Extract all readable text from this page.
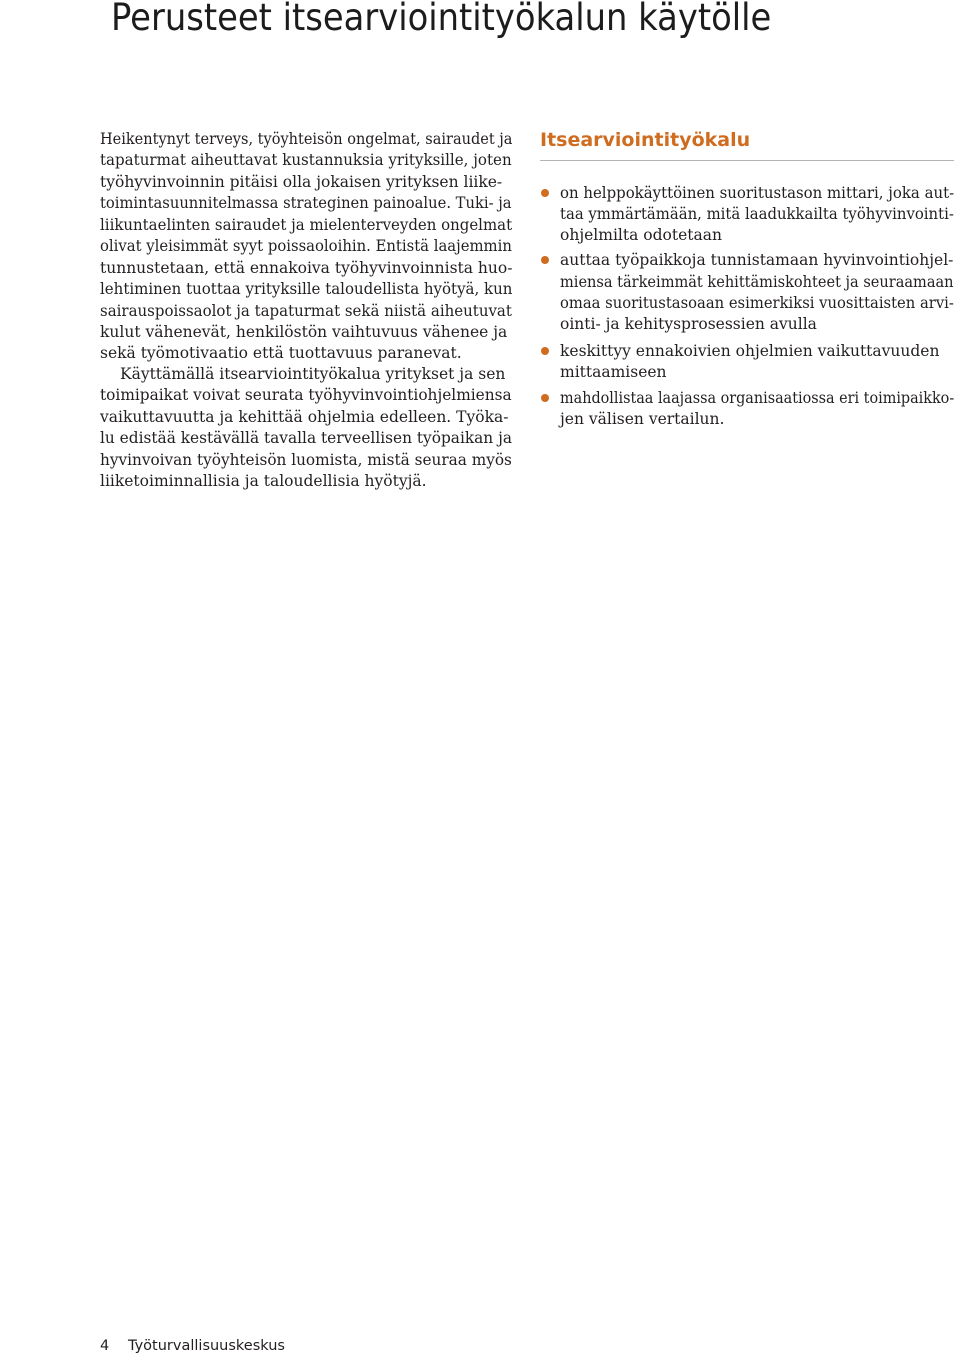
Perusteet itsearviointityökalun käytölle
Heikentynyt terveys, työyhteisön ongelmat, sairaudet ja
tapaturmat aiheuttavat kustannuksia yrityksille, joten
työhyvinvoinnin pitäisi olla jokaisen yrityksen liike-
toimintasuunnitelmassa strateginen painoalue. Tuki- ja
liikuntaelinten sairaudet ja mielenterveyden ongelmat
olivat yleisimmät syyt poissaoloihin. Entistä laajemmin
tunnustetaan, että ennakoiva työhyvinvoinnista huo-
lehtiminen tuottaa yrityksille taloudellista hyötyä, kun
sairauspoissaolot ja tapaturmat sekä niistä aiheutuvat
kulut vähenevät, henkilöstön vaihtuvuus vähenee ja
sekä työmotivaatio että tuottavuus paranevat.
Käyttämällä itsearviointityökalua yritykset ja sen
toimipaikat voivat seurata työhyvinvointiohjelmiensa
vaikuttavuutta ja kehittää ohjelmia edelleen. Työka-
lu edistää kestävällä tavalla terveellisen työpaikan ja
hyvinvoivan työyhteisön luomista, mistä seuraa myös
liiketoiminnallisia ja taloudellisia hyötyjä.
Itsearviointityökalu
on helppokäyttöinen suoritustason mittari, joka aut-
taa ymmärtämään, mitä laadukkailta työhyvinvointi-
ohjelmilta odotetaan
auttaa työpaikkoja tunnistamaan hyvinvointiohjel-
miensa tärkeimmät kehittämiskohteet ja seuraamaan
omaa suoritustasoaan esimerkiksi vuosittaisten arvi-
ointi- ja kehitysprosessien avulla
keskittyy ennakoivien ohjelmien vaikuttavuuden
mittaamiseen
mahdollistaa laajassa organisaatiossa eri toimipaikko-
jen välisen vertailun.
4 Työturvallisuuskeskus
